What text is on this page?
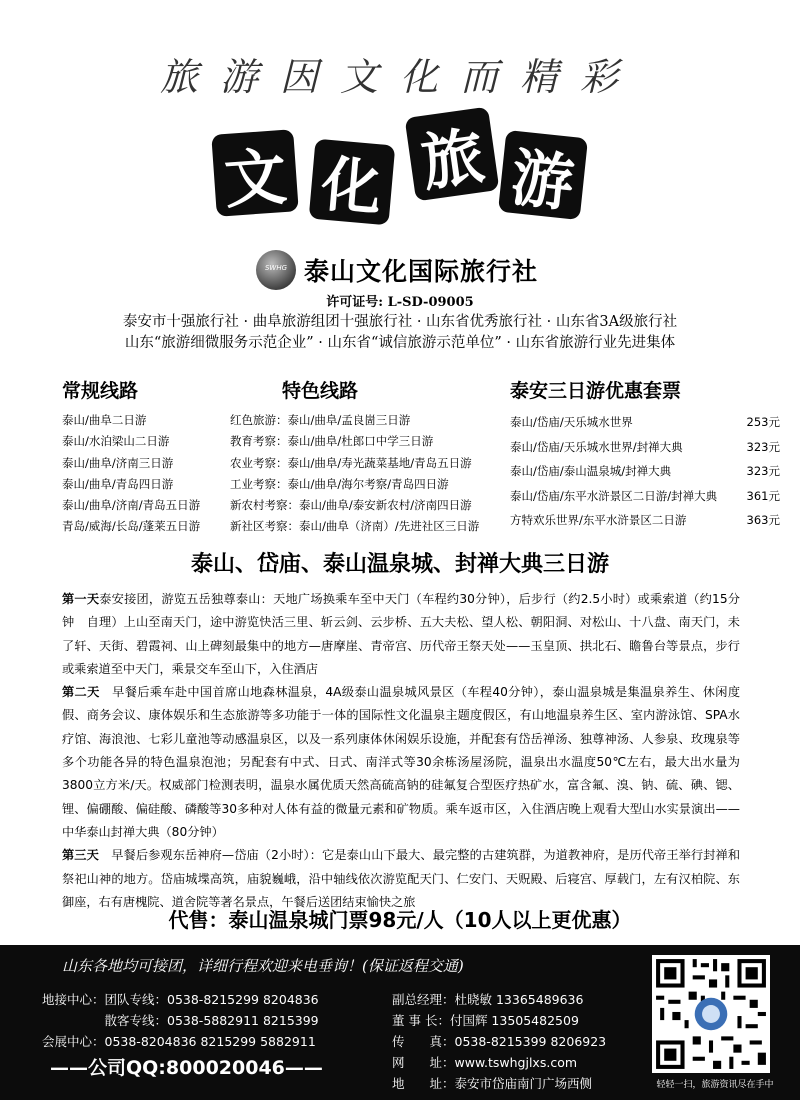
旅游因文化而精彩
文 化 旅 游
SWHG 泰山文化国际旅行社
许可证号: L-SD-09005
泰安市十强旅行社 · 曲阜旅游组团十强旅行社 · 山东省优秀旅行社 · 山东省3A级旅行社
山东“旅游细微服务示范企业” · 山东省“诚信旅游示范单位” · 山东省旅游行业先进集体
常规线路	特色线路	泰安三日游优惠套票
泰山/曲阜二日游
泰山/水泊梁山二日游
泰山/曲阜/济南三日游
泰山/曲阜/青岛四日游
泰山/曲阜/济南/青岛五日游
青岛/威海/长岛/蓬莱五日游
红色旅游：泰山/曲阜/孟良崮三日游
教育考察：泰山/曲阜/杜郎口中学三日游
农业考察：泰山/曲阜/寿光蔬菜基地/青岛五日游
工业考察：泰山/曲阜/海尔考察/青岛四日游
新农村考察：泰山/曲阜/泰安新农村/济南四日游
新社区考察：泰山/曲阜（济南）/先进社区三日游
泰山/岱庙/天乐城水世界	253元
泰山/岱庙/天乐城水世界/封禅大典	323元
泰山/岱庙/泰山温泉城/封禅大典	323元
泰山/岱庙/东平水浒景区二日游/封禅大典	361元
方特欢乐世界/东平水浒景区二日游	363元
泰山、岱庙、泰山温泉城、封禅大典三日游

第一天泰安接团，游览五岳独尊泰山：天地广场换乘车至中天门（车程约30分钟），后步行（约2.5小时）或乘索道（约15分钟　自理）上山至南天门，途中游览快活三里、斩云剑、云步桥、五大夫松、望人松、朝阳洞、对松山、十八盘、南天门，未了轩、天街、碧霞祠、山上碑刻最集中的地方—唐摩崖、青帝宫、历代帝王祭天处——玉皇顶、拱北石、瞻鲁台等景点，步行或乘索道至中天门，乘景交车至山下，入住酒店

第二天　 早餐后乘车赴中国首席山地森林温泉，4A级泰山温泉城风景区（车程40分钟），泰山温泉城是集温泉养生、休闲度假、商务会议、康体娱乐和生态旅游等多功能于一体的国际性文化温泉主题度假区，有山地温泉养生区、室内游泳馆、SPA水疗馆、海浪池、七彩儿童池等动感温泉区，以及一系列康体休闲娱乐设施，并配套有岱岳禅汤、独尊神汤、人参泉、玫瑰泉等多个功能各异的特色温泉泡池；另配套有中式、日式、南洋式等30余栋汤屋汤院，温泉出水温度50℃左右，最大出水量为3800立方米/天。权威部门检测表明，温泉水属优质天然高硫高钠的硅氟复合型医疗热矿水，富含氟、溴、钠、硫、碘、锶、锂、偏硼酸、偏硅酸、磷酸等30多种对人体有益的微量元素和矿物质。乘车返市区，入住酒店晚上观看大型山水实景演出——中华泰山封禅大典（80分钟）

第三天　 早餐后参观东岳神府—岱庙（2小时）：它是泰山山下最大、最完整的古建筑群，为道教神府，是历代帝王举行封禅和祭祀山神的地方。岱庙城堞高筑，庙貌巍峨，沿中轴线依次游览配天门、仁安门、天贶殿、后寝宫、厚载门，左有汉柏院、东御座，右有唐槐院、道舍院等著名景点，午餐后送团结束愉快之旅

代售：泰山温泉城门票98元/人（10人以上更优惠）
山东各地均可接团，详细行程欢迎来电垂询！(保证返程交通)
地接中心：团队专线：0538-8215299 8204836
　　　　　散客专线：0538-5882911 8215399
会展中心：0538-8204836 8215299 5882911
——公司QQ:800020046——
副总经理：杜晓敏 13365489636
董 事 长：付国辉 13505482509
传　　真：0538-8215399 8206923
网　　址：www.tswhgjlxs.com
地　　址：泰安市岱庙南门广场西侧	轻轻一扫，旅游资讯尽在手中
